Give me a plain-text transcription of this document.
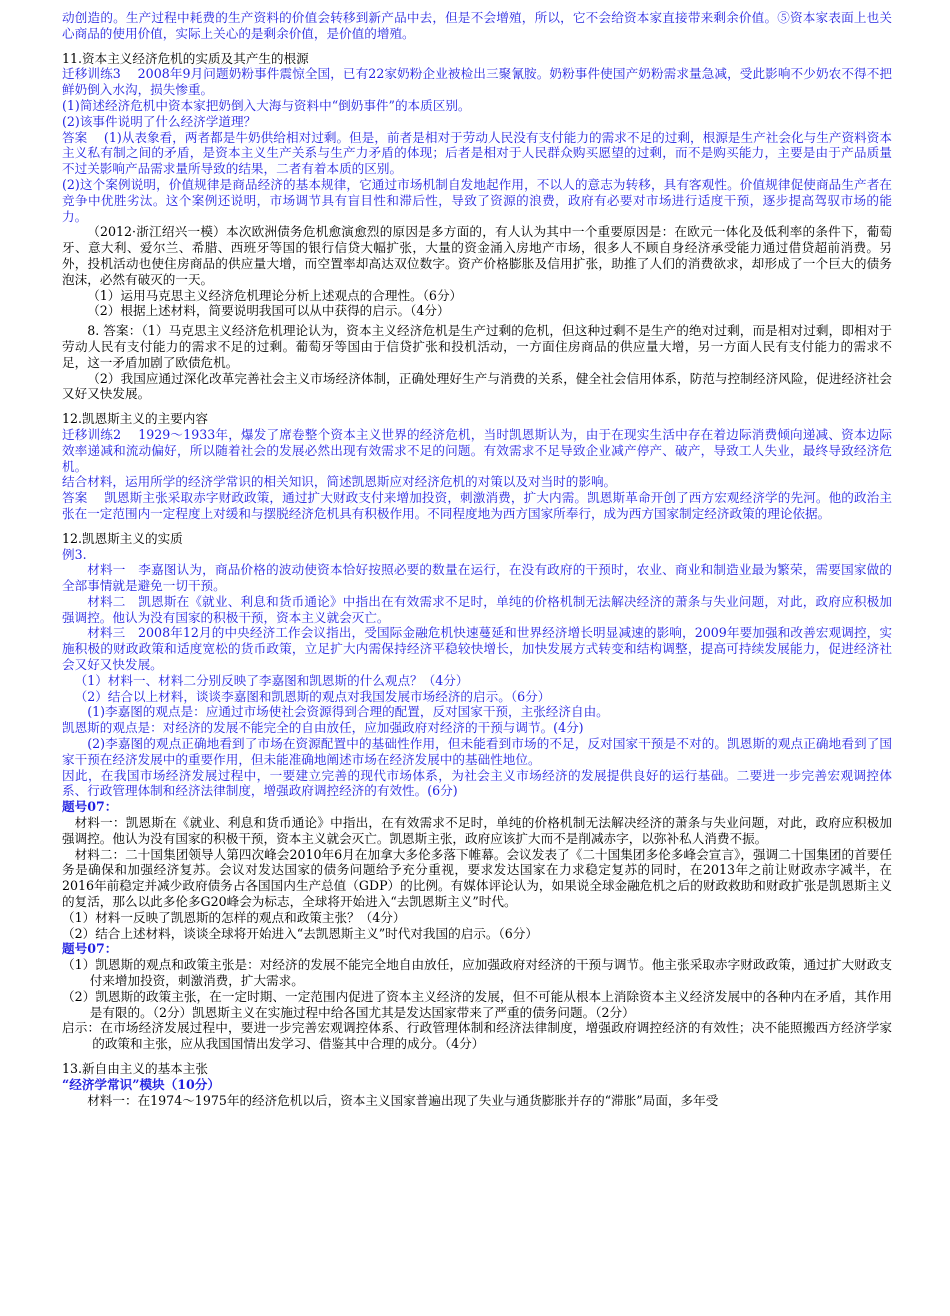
动创造的。生产过程中耗费的生产资料的价值会转移到新产品中去，但是不会增殖，所以，它不会给资本家直接带来剩余价值。⑤资本家表面上也关心商品的使用价值，实际上关心的是剩余价值，是价值的增殖。

11.资本主义经济危机的实质及其产生的根源

迁移训练3　 2008年9月问题奶粉事件震惊全国，已有22家奶粉企业被检出三聚氰胺。奶粉事件使国产奶粉需求量急减，受此影响不少奶农不得不把鲜奶倒入水沟，损失惨重。

(1)简述经济危机中资本家把奶倒入大海与资料中“倒奶事件”的本质区别。

(2)该事件说明了什么经济学道理？

答案　 (1)从表象看，两者都是牛奶供给相对过剩。但是，前者是相对于劳动人民没有支付能力的需求不足的过剩，根源是生产社会化与生产资料资本主义私有制之间的矛盾，是资本主义生产关系与生产力矛盾的体现；后者是相对于人民群众购买愿望的过剩，而不是购买能力，主要是由于产品质量不过关影响产品需求量所导致的结果，二者有着本质的区别。

(2)这个案例说明，价值规律是商品经济的基本规律，它通过市场机制自发地起作用，不以人的意志为转移，具有客观性。价值规律促使商品生产者在竞争中优胜劣汰。这个案例还说明，市场调节具有盲目性和滞后性，导致了资源的浪费，政府有必要对市场进行适度干预，逐步提高驾驭市场的能力。

（2012·浙江绍兴一模）本次欧洲债务危机愈演愈烈的原因是多方面的，有人认为其中一个重要原因是：在欧元一体化及低利率的条件下，葡萄牙、意大利、爱尔兰、希腊、西班牙等国的银行信贷大幅扩张，大量的资金涌入房地产市场，很多人不顾自身经济承受能力通过借贷超前消费。另外，投机活动也使住房商品的供应量大增，而空置率却高达双位数字。资产价格膨胀及信用扩张，助推了人们的消费欲求，却形成了一个巨大的债务泡沫，必然有破灭的一天。

（1）运用马克思主义经济危机理论分析上述观点的合理性。（6分）

（2）根据上述材料，简要说明我国可以从中获得的启示。（4分）

8. 答案：（1）马克思主义经济危机理论认为，资本主义经济危机是生产过剩的危机，但这种过剩不是生产的绝对过剩，而是相对过剩，即相对于劳动人民有支付能力的需求不足的过剩。葡萄牙等国由于信贷扩张和投机活动，一方面住房商品的供应量大增，另一方面人民有支付能力的需求不足，这一矛盾加剧了欧债危机。

（2）我国应通过深化改革完善社会主义市场经济体制，正确处理好生产与消费的关系，健全社会信用体系，防范与控制经济风险，促进经济社会又好又快发展。

12.凯恩斯主义的主要内容

迁移训练2　 1929～1933年，爆发了席卷整个资本主义世界的经济危机，当时凯恩斯认为，由于在现实生活中存在着边际消费倾向递减、资本边际效率递减和流动偏好，所以随着社会的发展必然出现有效需求不足的问题。有效需求不足导致企业减产停产、破产，导致工人失业，最终导致经济危机。

结合材料，运用所学的经济学常识的相关知识，简述凯恩斯应对经济危机的对策以及对当时的影响。

答案　 凯恩斯主张采取赤字财政政策，通过扩大财政支付来增加投资，刺激消费，扩大内需。凯恩斯革命开创了西方宏观经济学的先河。他的政治主张在一定范围内一定程度上对缓和与摆脱经济危机具有积极作用。不同程度地为西方国家所奉行，成为西方国家制定经济政策的理论依据。

12.凯恩斯主义的实质

例3.

材料一　李嘉图认为，商品价格的波动使资本恰好按照必要的数量在运行，在没有政府的干预时，农业、商业和制造业最为繁荣，需要国家做的全部事情就是避免一切干预。

材料二　凯恩斯在《就业、利息和货币通论》中指出在有效需求不足时，单纯的价格机制无法解决经济的萧条与失业问题，对此，政府应积极加强调控。他认为没有国家的积极干预，资本主义就会灭亡。

材料三　2008年12月的中央经济工作会议指出，受国际金融危机快速蔓延和世界经济增长明显减速的影响，2009年要加强和改善宏观调控，实施积极的财政政策和适度宽松的货币政策，立足扩大内需保持经济平稳较快增长，加快发展方式转变和结构调整，提高可持续发展能力，促进经济社会又好又快发展。

（1）材料一、材料二分别反映了李嘉图和凯恩斯的什么观点？（4分）

（2）结合以上材料，谈谈李嘉图和凯恩斯的观点对我国发展市场经济的启示。（6分）

(1)李嘉图的观点是：应通过市场使社会资源得到合理的配置，反对国家干预，主张经济自由。

凯恩斯的观点是：对经济的发展不能完全的自由放任，应加强政府对经济的干预与调节。(4分)

(2)李嘉图的观点正确地看到了市场在资源配置中的基础性作用，但未能看到市场的不足，反对国家干预是不对的。凯恩斯的观点正确地看到了国家干预在经济发展中的重要作用，但未能准确地阐述市场在经济发展中的基础性地位。

因此，在我国市场经济发展过程中，一要建立完善的现代市场体系，为社会主义市场经济的发展提供良好的运行基础。二要进一步完善宏观调控体系、行政管理体制和经济法律制度，增强政府调控经济的有效性。(6分)

题号07：

材料一：凯恩斯在《就业、利息和货币通论》中指出，在有效需求不足时，单纯的价格机制无法解决经济的萧条与失业问题，对此，政府应积极加强调控。他认为没有国家的积极干预，资本主义就会灭亡。凯恩斯主张，政府应该扩大而不是削减赤字，以弥补私人消费不振。

材料二：二十国集团领导人第四次峰会2010年6月在加拿大多伦多落下帷幕。会议发表了《二十国集团多伦多峰会宣言》，强调二十国集团的首要任务是确保和加强经济复苏。会议对发达国家的债务问题给予充分重视，要求发达国家在力求稳定复苏的同时，在2013年之前让财政赤字减半，在2016年前稳定并减少政府债务占各国国内生产总值（GDP）的比例。有媒体评论认为，如果说全球金融危机之后的财政救助和财政扩张是凯恩斯主义的复活，那么以此多伦多G20峰会为标志，全球将开始进入“去凯恩斯主义”时代。

（1）材料一反映了凯恩斯的怎样的观点和政策主张？（4分）

（2）结合上述材料，谈谈全球将开始进入“去凯恩斯主义”时代对我国的启示。（6分）

题号07：

（1）凯恩斯的观点和政策主张是：对经济的发展不能完全地自由放任，应加强政府对经济的干预与调节。他主张采取赤字财政政策，通过扩大财政支付来增加投资，刺激消费，扩大需求。

（2）凯恩斯的政策主张，在一定时期、一定范围内促进了资本主义经济的发展，但不可能从根本上消除资本主义经济发展中的各种内在矛盾，其作用是有限的。（2分）凯恩斯主义在实施过程中给各国尤其是发达国家带来了严重的债务问题。（2分）

启示：在市场经济发展过程中，要进一步完善宏观调控体系、行政管理体制和经济法律制度，增强政府调控经济的有效性；决不能照搬西方经济学家的政策和主张，应从我国国情出发学习、借鉴其中合理的成分。（4分）

13.新自由主义的基本主张

“经济学常识”模块（10分）

材料一：在1974～1975年的经济危机以后，资本主义国家普遍出现了失业与通货膨胀并存的“滞胀”局面，多年受
